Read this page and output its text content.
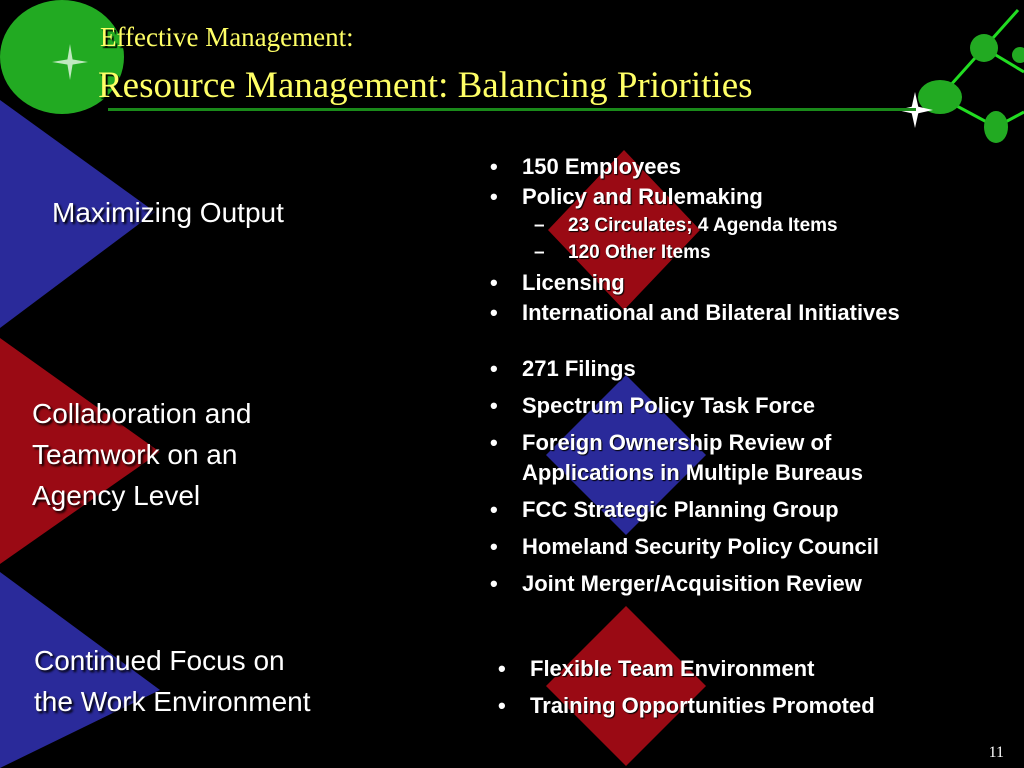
Effective Management:
Resource Management: Balancing Priorities
Maximizing Output
• 150 Employees
• Policy and Rulemaking
– 23 Circulates; 4 Agenda Items
– 120 Other Items
• Licensing
• International and Bilateral Initiatives
Collaboration and
Teamwork on an
Agency Level
• 271 Filings
• Spectrum Policy Task Force
• Foreign Ownership Review of
Applications in Multiple Bureaus
• FCC Strategic Planning Group
• Homeland Security Policy Council
• Joint Merger/Acquisition Review
Continued Focus on
the Work Environment
• Flexible Team Environment
• Training Opportunities Promoted
11
